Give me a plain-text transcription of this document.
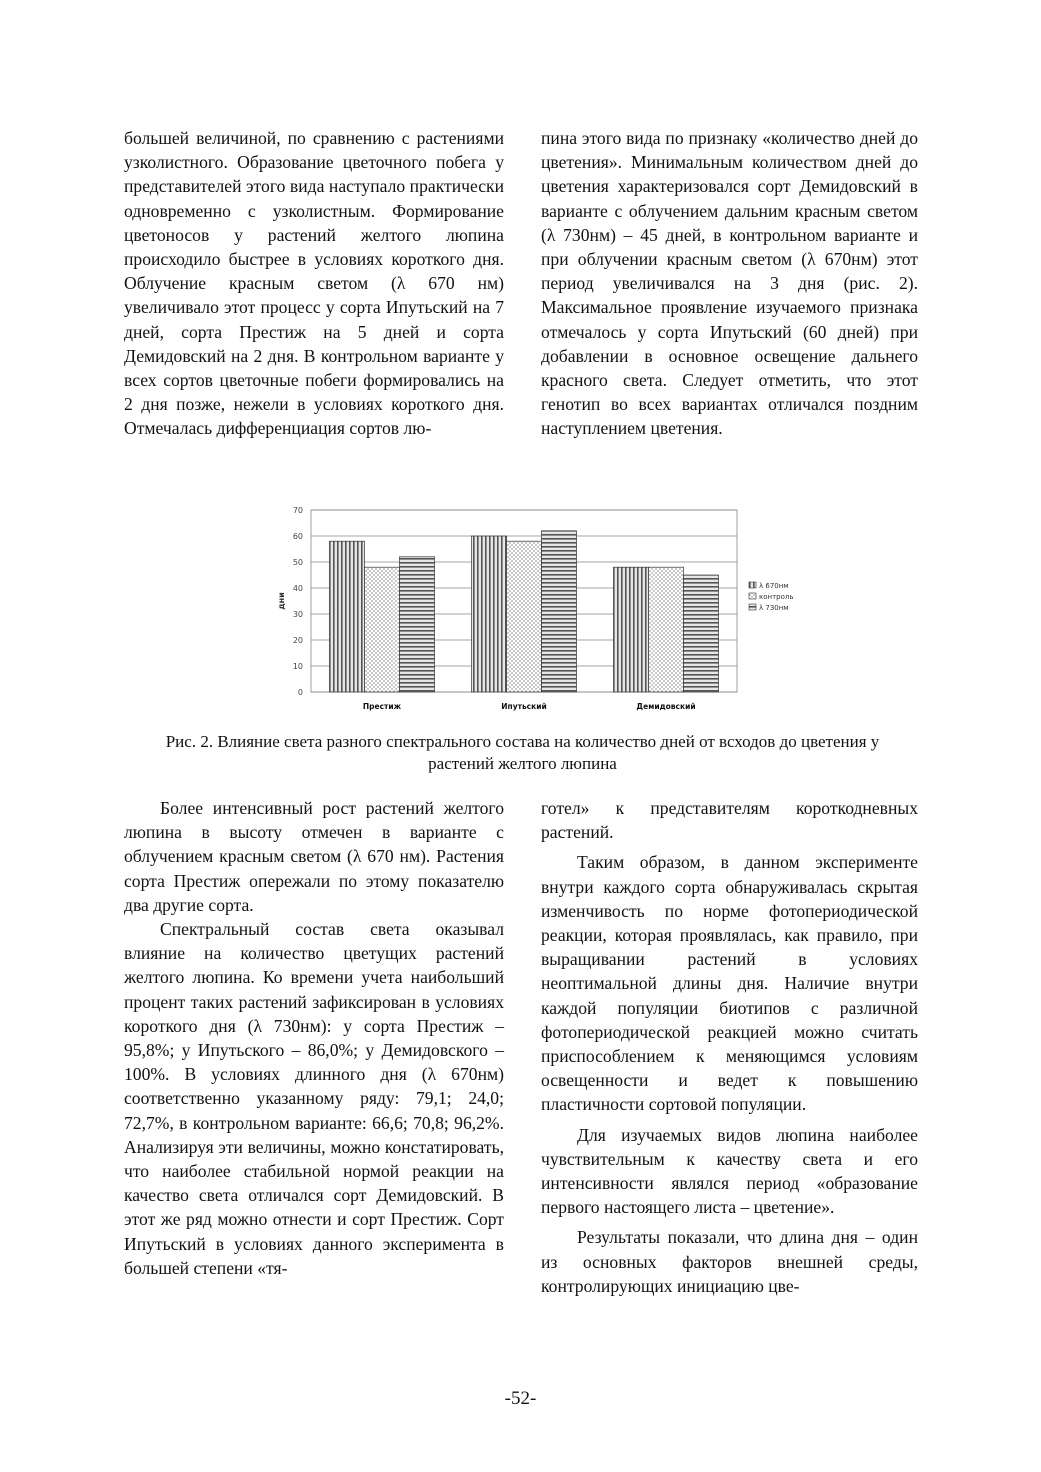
большей величиной, по сравнению с растениями узколистного. Образование цветочного побега у представителей этого вида наступало практически одновременно с узколистным. Формирование цветоносов у растений желтого люпина происходило быстрее в условиях короткого дня. Облучение красным светом (λ 670 нм) увеличивало этот процесс у сорта Ипутьский на 7 дней, сорта Престиж на 5 дней и сорта Демидовский на 2 дня. В контрольном варианте у всех сортов цветочные побеги формировались на 2 дня позже, нежели в условиях короткого дня. Отмечалась дифференциация сортов лю-

пина этого вида по признаку «количество дней до цветения». Минимальным количеством дней до цветения характеризовался сорт Демидовский в варианте с облучением дальним красным светом (λ 730нм) – 45 дней, в контрольном варианте и при облучении красным светом (λ 670нм) этот период увеличивался на 3 дня (рис. 2). Максимальное проявление изучаемого признака отмечалось у сорта Ипутьский (60 дней) при добавлении в основное освещение дальнего красного света. Следует отметить, что этот генотип во всех вариантах отличался поздним наступлением цветения.

0
10
20
30
40
50
60
70
дни
Престиж	Ипутьский	Демидовский
λ 670нм
контроль
λ 730нм
Рис. 2. Влияние света разного спектрального состава на количество дней от всходов до цветения у растений желтого люпина

Более интенсивный рост растений желтого люпина в высоту отмечен в варианте с облучением красным светом (λ 670 нм). Растения сорта Престиж опережали по этому показателю два другие сорта.

Спектральный состав света оказывал влияние на количество цветущих растений желтого люпина. Ко времени учета наибольший процент таких растений зафиксирован в условиях короткого дня (λ 730нм): у сорта Престиж – 95,8%; у Ипутьского – 86,0%; у Демидовского – 100%. В условиях длинного дня (λ 670нм) соответственно указанному ряду: 79,1; 24,0; 72,7%, в контрольном варианте: 66,6; 70,8; 96,2%. Анализируя эти величины, можно констатировать, что наиболее стабильной нормой реакции на качество света отличался сорт Демидовский. В этот же ряд можно отнести и сорт Престиж. Сорт Ипутьский в условиях данного эксперимента в большей степени «тя-

готел» к представителям короткодневных растений.

Таким образом, в данном эксперименте внутри каждого сорта обнаруживалась скрытая изменчивость по норме фотопериодической реакции, которая проявлялась, как правило, при выращивании растений в условиях неоптимальной длины дня. Наличие внутри каждой популяции биотипов с различной фотопериодической реакцией можно считать приспособлением к меняющимся условиям освещенности и ведет к повышению пластичности сортовой популяции.

Для изучаемых видов люпина наиболее чувствительным к качеству света и его интенсивности являлся период «образование первого настоящего листа – цветение».

Результаты показали, что длина дня – один из основных факторов внешней среды, контролирующих инициацию цве-

-52-
